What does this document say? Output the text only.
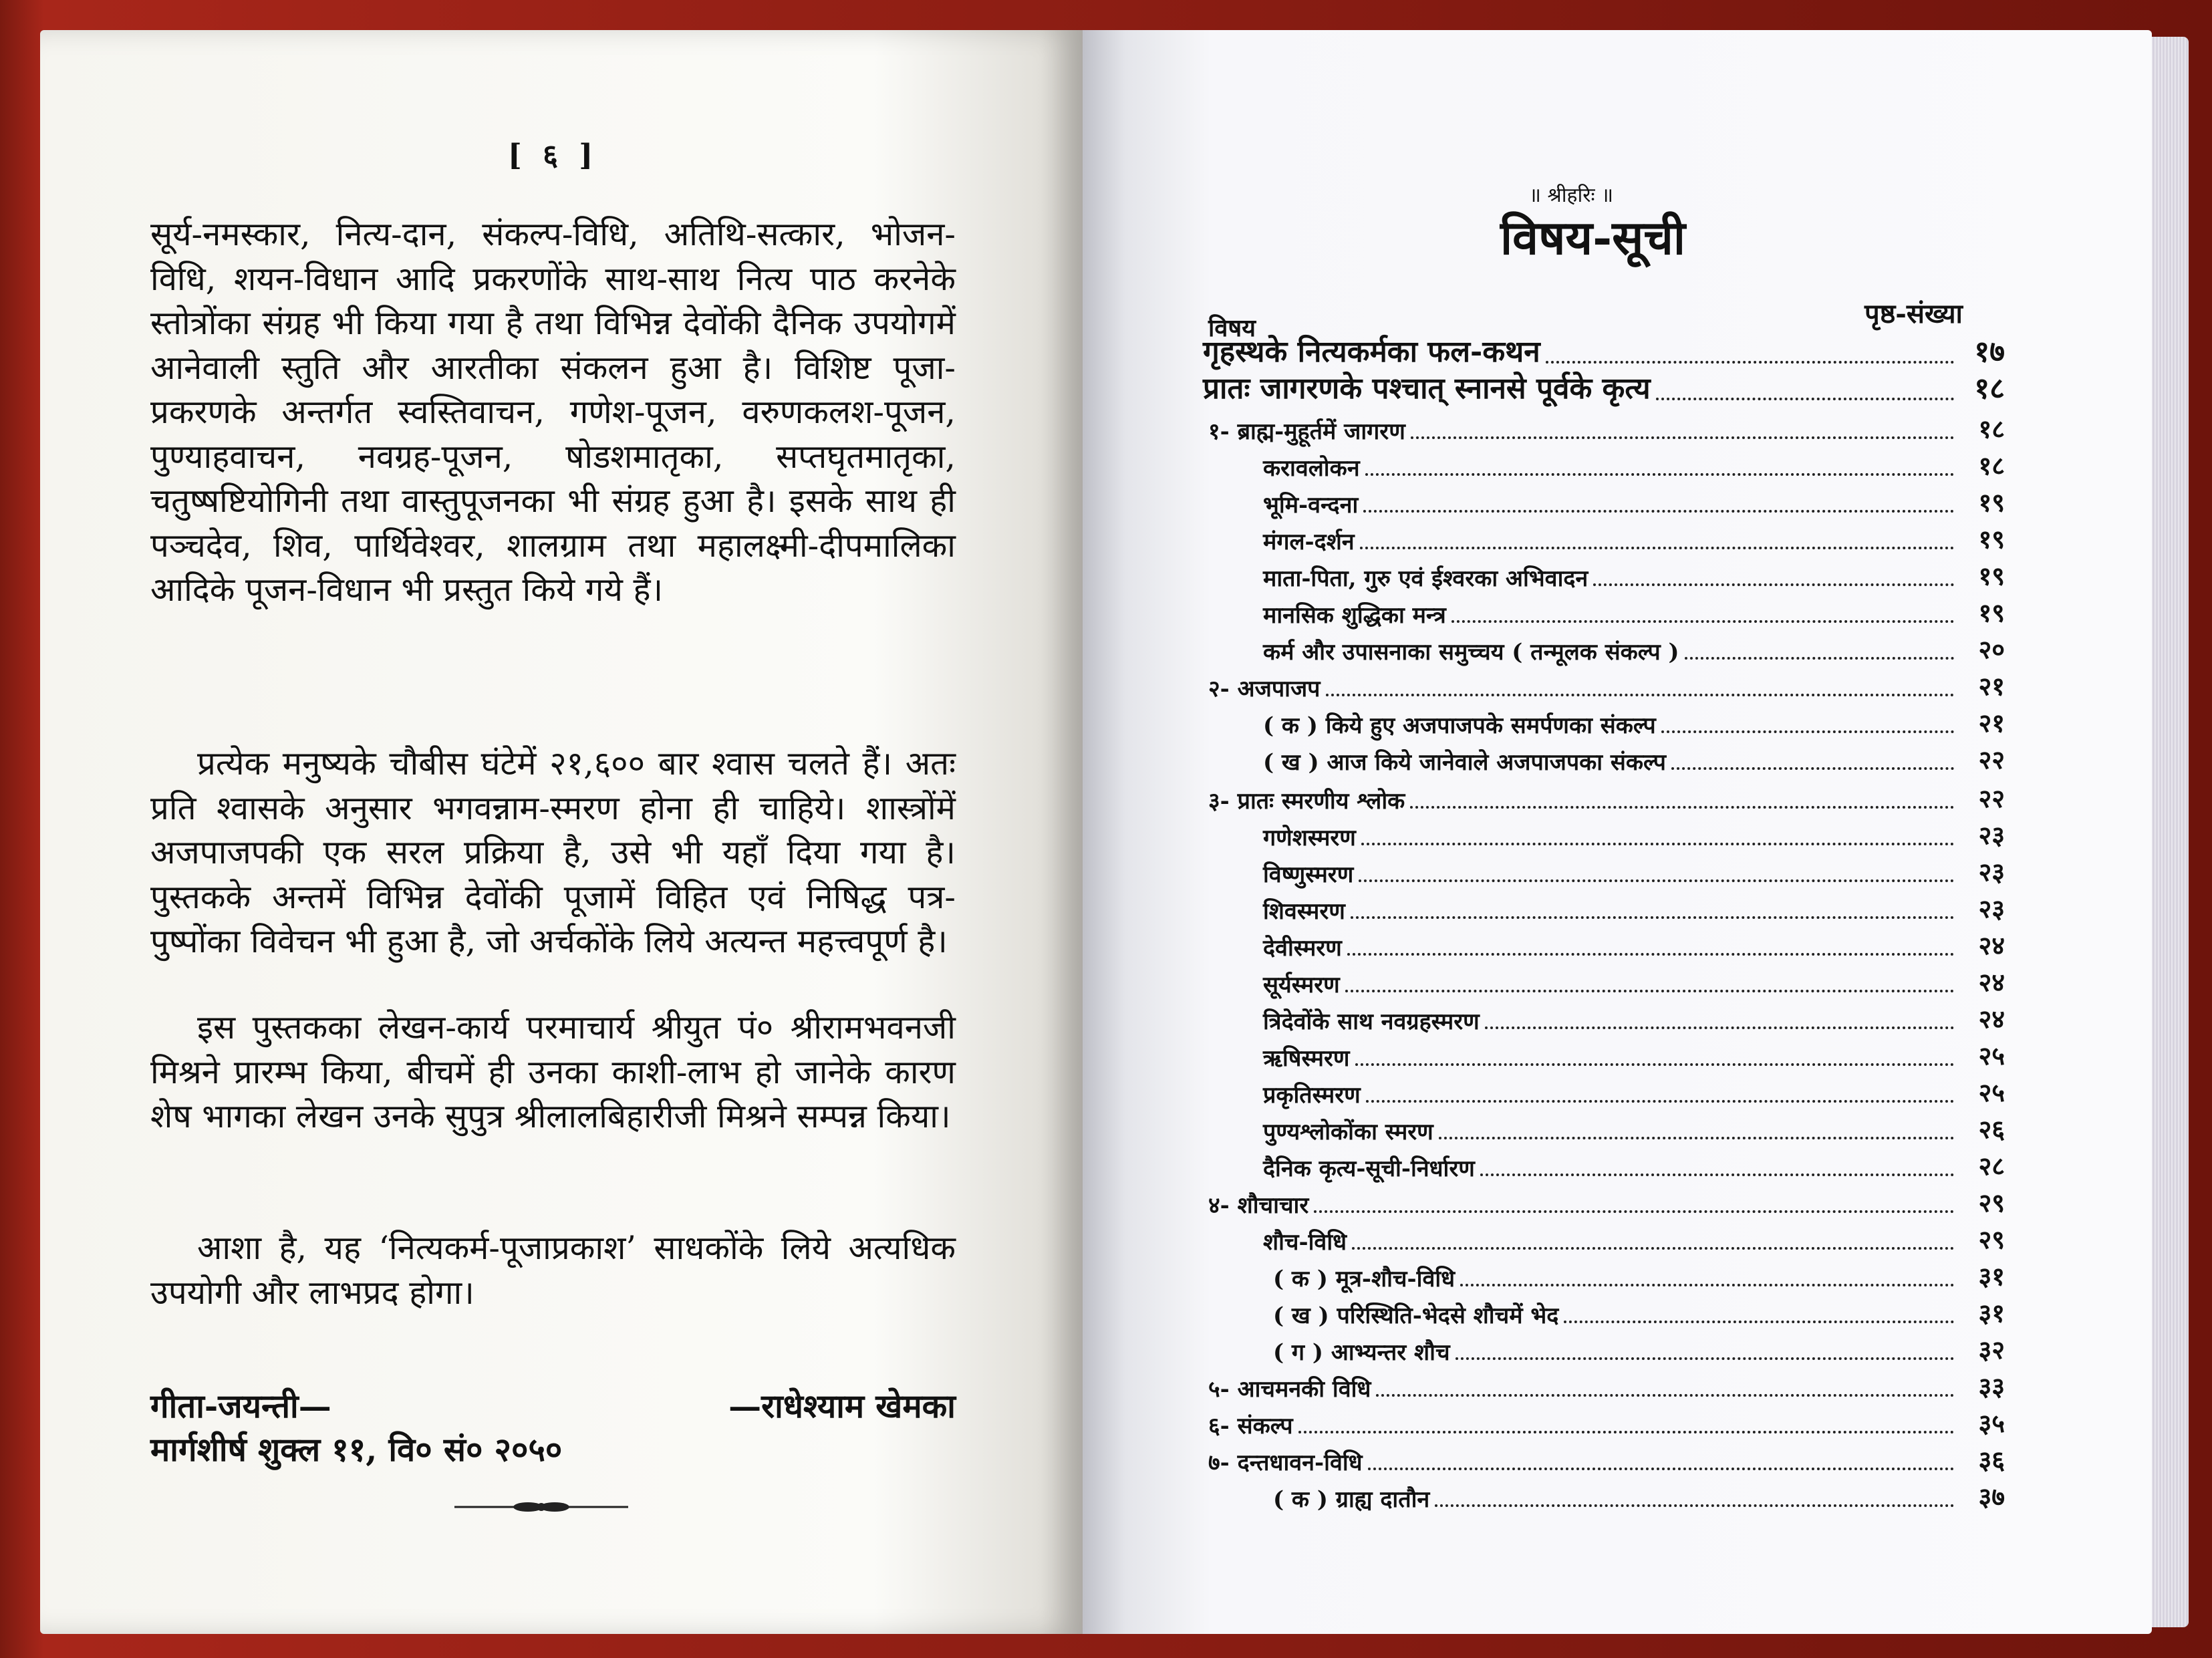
[ ६ ]
सूर्य-नमस्कार, नित्य-दान, संकल्प-विधि, अतिथि-सत्कार, भोजन-विधि, शयन-विधान आदि प्रकरणोंके साथ-साथ नित्य पाठ करनेके स्तोत्रोंका संग्रह भी किया गया है तथा विभिन्न देवोंकी दैनिक उपयोगमें आनेवाली स्तुति और आरतीका संकलन हुआ है। विशिष्ट पूजा-प्रकरणके अन्तर्गत स्वस्तिवाचन, गणेश-पूजन, वरुणकलश-पूजन, पुण्याहवाचन, नवग्रह-पूजन, षोडशमातृका, सप्तघृतमातृका, चतुष्षष्टियोगिनी तथा वास्तुपूजनका भी संग्रह हुआ है। इसके साथ ही पञ्चदेव, शिव, पार्थिवेश्वर, शालग्राम तथा महालक्ष्मी-दीपमालिका आदिके पूजन-विधान भी प्रस्तुत किये गये हैं।
प्रत्येक मनुष्यके चौबीस घंटेमें २१,६०० बार श्वास चलते हैं। अतः प्रति श्वासके अनुसार भगवन्नाम-स्मरण होना ही चाहिये। शास्त्रोंमें अजपाजपकी एक सरल प्रक्रिया है, उसे भी यहाँ दिया गया है। पुस्तकके अन्तमें विभिन्न देवोंकी पूजामें विहित एवं निषिद्ध पत्र-पुष्पोंका विवेचन भी हुआ है, जो अर्चकोंके लिये अत्यन्त महत्त्वपूर्ण है।
इस पुस्तकका लेखन-कार्य परमाचार्य श्रीयुत पं० श्रीरामभवनजी मिश्रने प्रारम्भ किया, बीचमें ही उनका काशी-लाभ हो जानेके कारण शेष भागका लेखन उनके सुपुत्र श्रीलालबिहारीजी मिश्रने सम्पन्न किया।
आशा है, यह ‘नित्यकर्म-पूजाप्रकाश’ साधकोंके लिये अत्यधिक उपयोगी और लाभप्रद होगा।
गीता-जयन्ती—	—राधेश्याम खेमका
मार्गशीर्ष शुक्ल ११, वि० सं० २०५०
॥ श्रीहरिः ॥
विषय-सूची
विषय	पृष्ठ-संख्या
गृहस्थके नित्यकर्मका फल-कथन	१७
प्रातः जागरणके पश्चात् स्नानसे पूर्वके कृत्य	१८
१- ब्राह्म-मुहूर्तमें जागरण	१८
करावलोकन	१८
भूमि-वन्दना	१९
मंगल-दर्शन	१९
माता-पिता, गुरु एवं ईश्वरका अभिवादन	१९
मानसिक शुद्धिका मन्त्र	१९
कर्म और उपासनाका समुच्चय ( तन्मूलक संकल्प )	२०
२- अजपाजप	२१
( क ) किये हुए अजपाजपके समर्पणका संकल्प	२१
( ख ) आज किये जानेवाले अजपाजपका संकल्प	२२
३- प्रातः स्मरणीय श्लोक	२२
गणेशस्मरण	२३
विष्णुस्मरण	२३
शिवस्मरण	२३
देवीस्मरण	२४
सूर्यस्मरण	२४
त्रिदेवोंके साथ नवग्रहस्मरण	२४
ऋषिस्मरण	२५
प्रकृतिस्मरण	२५
पुण्यश्लोकोंका स्मरण	२६
दैनिक कृत्य-सूची-निर्धारण	२८
४- शौचाचार	२९
शौच-विधि	२९
( क ) मूत्र-शौच-विधि	३१
( ख ) परिस्थिति-भेदसे शौचमें भेद	३१
( ग ) आभ्यन्तर शौच	३२
५- आचमनकी विधि	३३
६- संकल्प	३५
७- दन्तधावन-विधि	३६
( क ) ग्राह्य दातौन	३७
